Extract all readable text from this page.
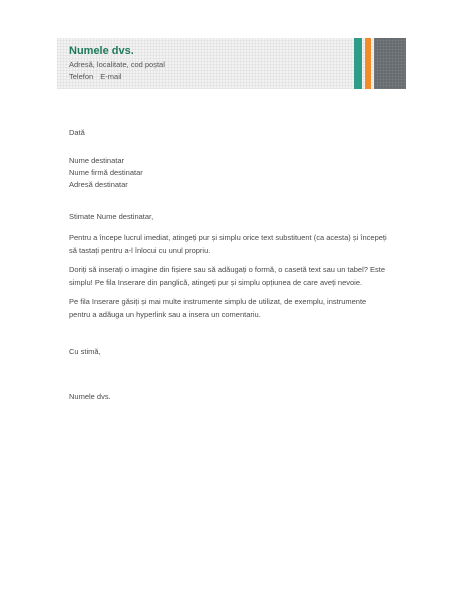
Numele dvs.
Adresă, localitate, cod poștal
Telefon E-mail
Dată
Nume destinatar
Nume firmă destinatar
Adresă destinatar
Stimate Nume destinatar,
Pentru a începe lucrul imediat, atingeți pur și simplu orice text substituent (ca acesta) și începeți
să tastați pentru a-l înlocui cu unul propriu.
Doriți să inserați o imagine din fișiere sau să adăugați o formă, o casetă text sau un tabel? Este
simplu! Pe fila Inserare din panglică, atingeți pur și simplu opțiunea de care aveți nevoie.
Pe fila Inserare găsiți și mai multe instrumente simplu de utilizat, de exemplu, instrumente
pentru a adăuga un hyperlink sau a insera un comentariu.
Cu stimă,
Numele dvs.
